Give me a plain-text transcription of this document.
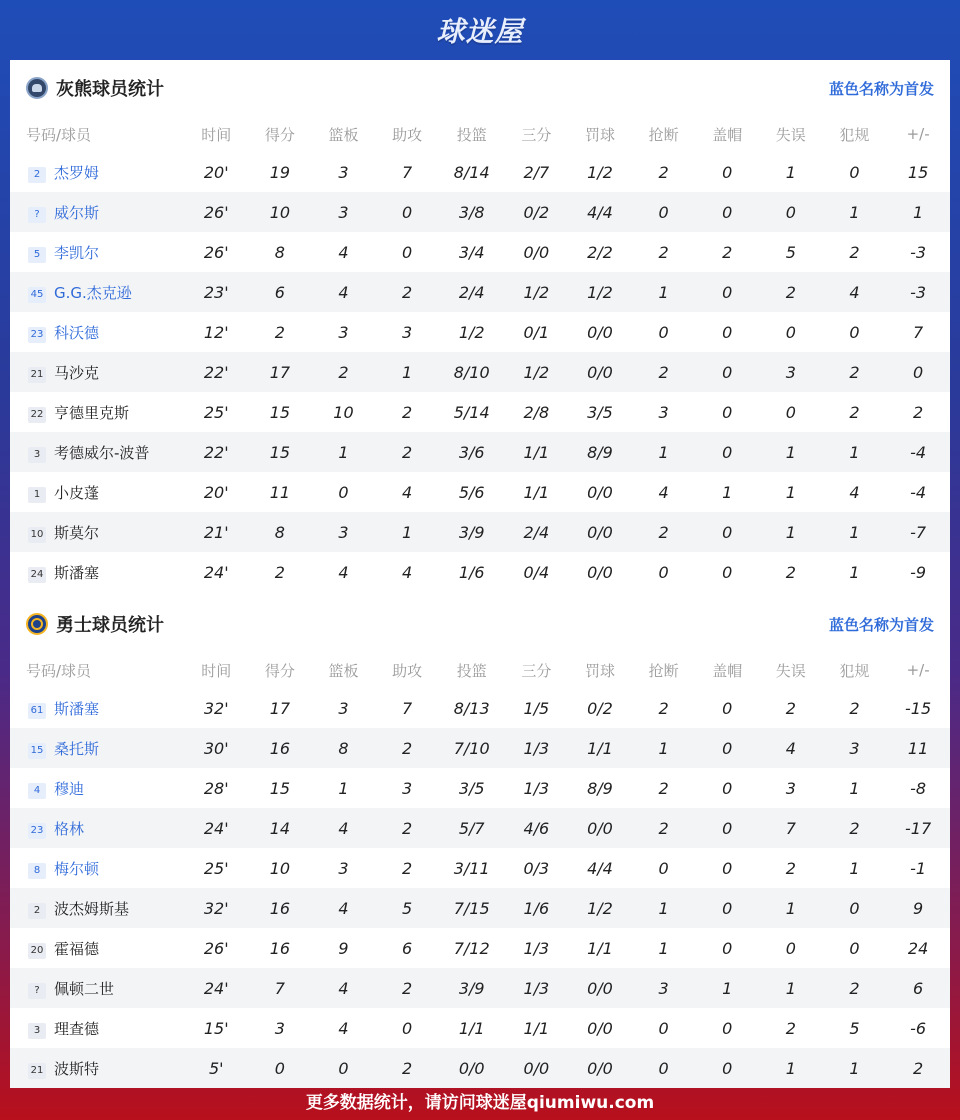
球迷屋
灰熊球员统计	蓝色名称为首发
号码/球员	时间	得分	篮板	助攻	投篮	三分	罚球	抢断	盖帽	失误	犯规	+/-
2 杰罗姆	20'	19	3	7	8/14	2/7	1/2	2	0	1	0	15
? 威尔斯	26'	10	3	0	3/8	0/2	4/4	0	0	0	1	1
5 李凯尔	26'	8	4	0	3/4	0/0	2/2	2	2	5	2	-3
45 G.G.杰克逊	23'	6	4	2	2/4	1/2	1/2	1	0	2	4	-3
23 科沃德	12'	2	3	3	1/2	0/1	0/0	0	0	0	0	7
21 马沙克	22'	17	2	1	8/10	1/2	0/0	2	0	3	2	0
22 亨德里克斯	25'	15	10	2	5/14	2/8	3/5	3	0	0	2	2
3 考德威尔-波普	22'	15	1	2	3/6	1/1	8/9	1	0	1	1	-4
1 小皮蓬	20'	11	0	4	5/6	1/1	0/0	4	1	1	4	-4
10 斯莫尔	21'	8	3	1	3/9	2/4	0/0	2	0	1	1	-7
24 斯潘塞	24'	2	4	4	1/6	0/4	0/0	0	0	2	1	-9
勇士球员统计	蓝色名称为首发
号码/球员	时间	得分	篮板	助攻	投篮	三分	罚球	抢断	盖帽	失误	犯规	+/-
61 斯潘塞	32'	17	3	7	8/13	1/5	0/2	2	0	2	2	-15
15 桑托斯	30'	16	8	2	7/10	1/3	1/1	1	0	4	3	11
4 穆迪	28'	15	1	3	3/5	1/3	8/9	2	0	3	1	-8
23 格林	24'	14	4	2	5/7	4/6	0/0	2	0	7	2	-17
8 梅尔顿	25'	10	3	2	3/11	0/3	4/4	0	0	2	1	-1
2 波杰姆斯基	32'	16	4	5	7/15	1/6	1/2	1	0	1	0	9
20 霍福德	26'	16	9	6	7/12	1/3	1/1	1	0	0	0	24
? 佩顿二世	24'	7	4	2	3/9	1/3	0/0	3	1	1	2	6
3 理查德	15'	3	4	0	1/1	1/1	0/0	0	0	2	5	-6
21 波斯特	5'	0	0	2	0/0	0/0	0/0	0	0	1	1	2
更多数据统计，请访问球迷屋qiumiwu.com
